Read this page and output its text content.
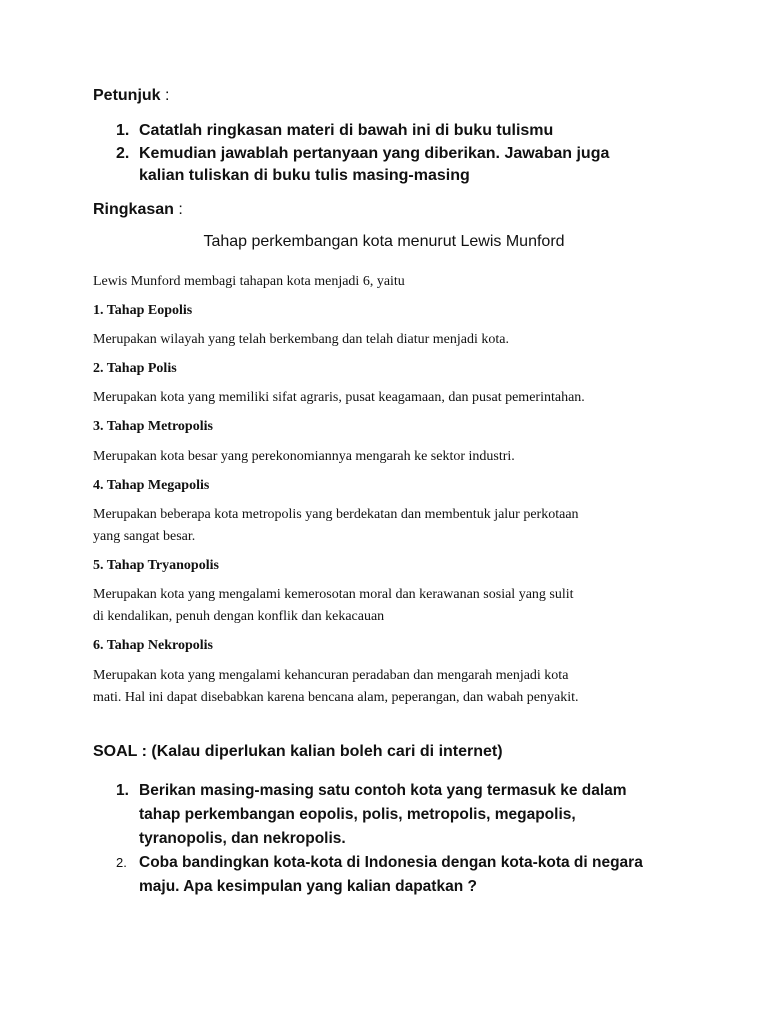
Petunjuk :
1. Catatlah ringkasan materi di bawah ini di buku tulismu
2. Kemudian jawablah pertanyaan yang diberikan. Jawaban juga
kalian tuliskan di buku tulis masing-masing
Ringkasan :
Tahap perkembangan kota menurut Lewis Munford
Lewis Munford membagi tahapan kota menjadi 6, yaitu
1. Tahap Eopolis
Merupakan wilayah yang telah berkembang dan telah diatur menjadi kota.
2. Tahap Polis
Merupakan kota yang memiliki sifat agraris, pusat keagamaan, dan pusat pemerintahan.
3. Tahap Metropolis
Merupakan kota besar yang perekonomiannya mengarah ke sektor industri.
4. Tahap Megapolis
Merupakan beberapa kota metropolis yang berdekatan dan membentuk jalur perkotaan
yang sangat besar.
5. Tahap Tryanopolis
Merupakan kota yang mengalami kemerosotan moral dan kerawanan sosial yang sulit
di kendalikan, penuh dengan konflik dan kekacauan
6. Tahap Nekropolis
Merupakan kota yang mengalami kehancuran peradaban dan mengarah menjadi kota
mati. Hal ini dapat disebabkan karena bencana alam, peperangan, dan wabah penyakit.
SOAL : (Kalau diperlukan kalian boleh cari di internet)
1. Berikan masing-masing satu contoh kota yang termasuk ke dalam
tahap perkembangan eopolis, polis, metropolis, megapolis,
tyranopolis, dan nekropolis.
2. Coba bandingkan kota-kota di Indonesia dengan kota-kota di negara
maju. Apa kesimpulan yang kalian dapatkan ?
